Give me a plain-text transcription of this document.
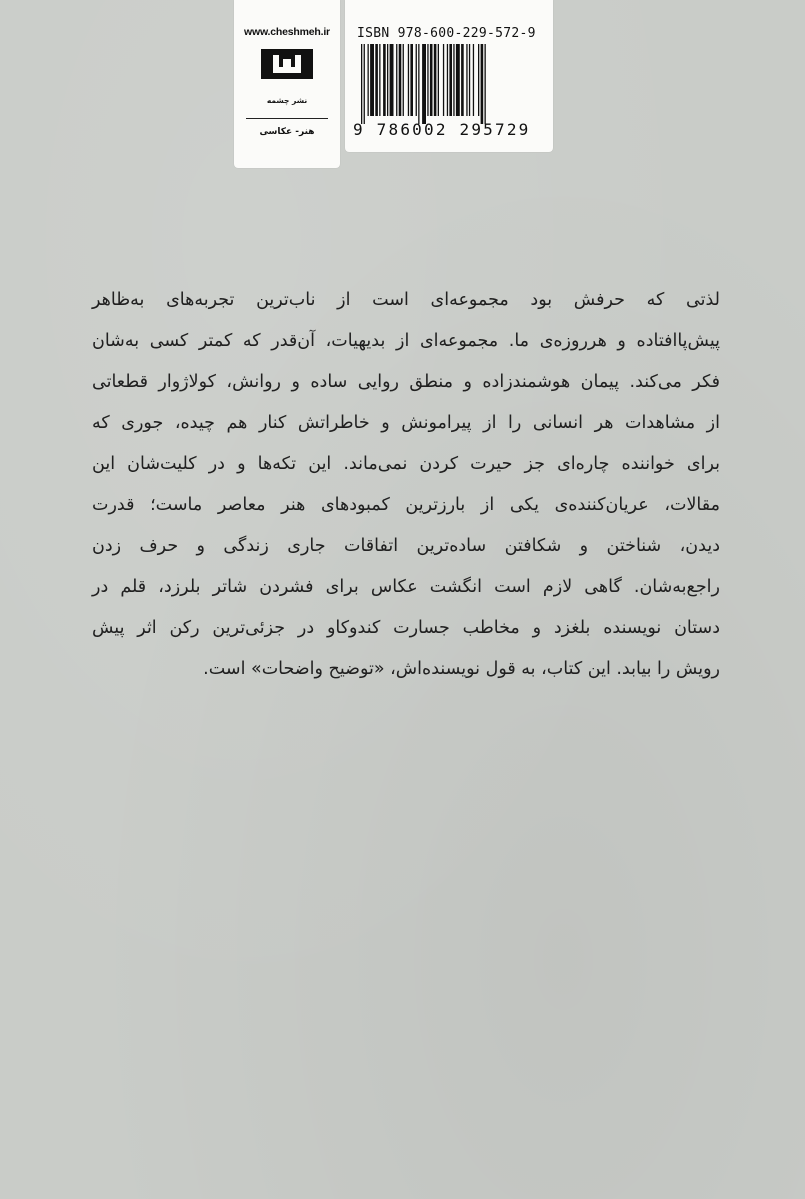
www.cheshmeh.ir
نشر چشمه
هنر- عکاسی
ISBN 978-600-229-572-9
9 786002 295729
لذتی که حرفش بود مجموعه‌ای است از ناب‌ترین تجربه‌های به‌ظاهر
پیش‌پاافتاده و هرروزه‌ی ما. مجموعه‌ای از بدیهیات، آن‌قدر که کمتر کسی به‌شان
فکر می‌کند. پیمان هوشمندزاده و منطق روایی ساده و روانش، کولاژوار قطعاتی
از مشاهدات هر انسانی را از پیرامونش و خاطراتش کنار هم چیده، جوری که
برای خواننده چاره‌ای جز حیرت کردن نمی‌ماند. این تکه‌ها و در کلیت‌شان این
مقالات، عریان‌کننده‌ی یکی از بارزترین کمبودهای هنر معاصر ماست؛ قدرت
دیدن، شناختن و شکافتن ساده‌ترین اتفاقات جاری زندگی و حرف زدن
راجع‌به‌شان. گاهی لازم است انگشت عکاس برای فشردن شاتر بلرزد، قلم در
دستان نویسنده بلغزد و مخاطب جسارت کندوکاو در جزئی‌ترین رکن اثر پیش
رویش را بیابد. این کتاب، به قول نویسنده‌اش، «توضیح واضحات» است.
